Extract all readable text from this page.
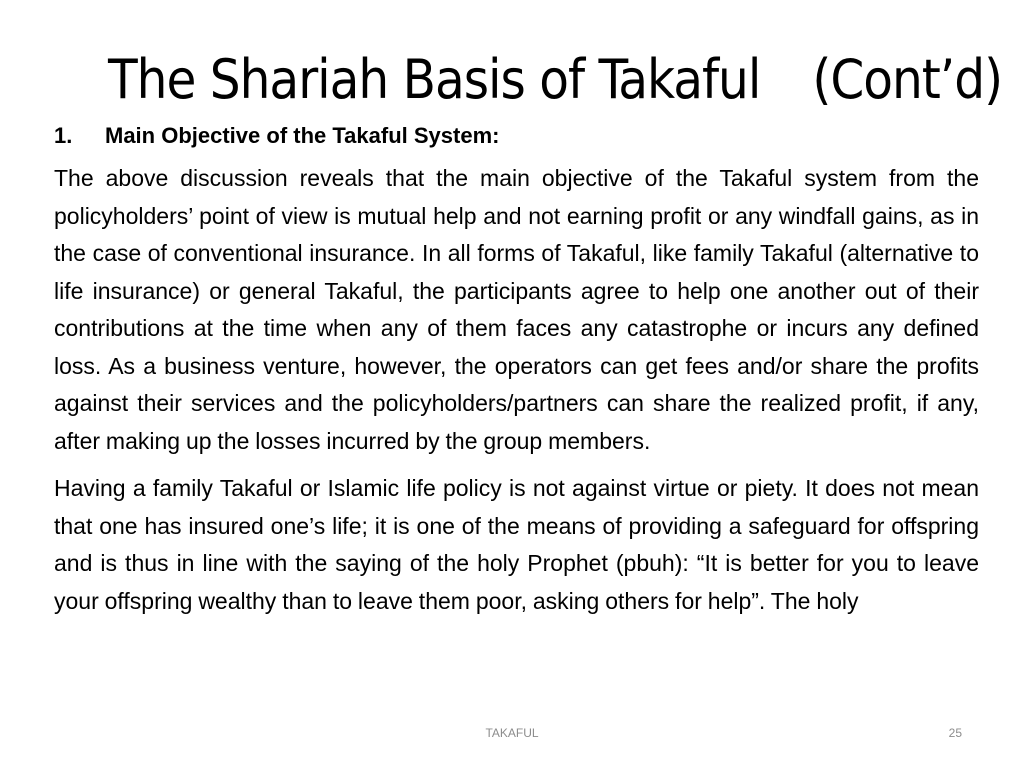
The Shariah Basis of Takaful (Cont’d)
1. Main Objective of the Takaful System:

The above discussion reveals that the main objective of the Takaful system from the policyholders’ point of view is mutual help and not earning profit or any windfall gains, as in the case of conventional insurance. In all forms of Takaful, like family Takaful (alternative to life insurance) or general Takaful, the participants agree to help one another out of their contributions at the time when any of them faces any catastrophe or incurs any defined loss. As a business venture, however, the operators can get fees and/or share the profits against their services and the policyholders/partners can share the realized profit, if any, after making up the losses incurred by the group members.

Having a family Takaful or Islamic life policy is not against virtue or piety. It does not mean that one has insured one’s life; it is one of the means of providing a safeguard for offspring and is thus in line with the saying of the holy Prophet (pbuh): “It is better for you to leave your offspring wealthy than to leave them poor, asking others for help”. The holy

TAKAFUL	25
